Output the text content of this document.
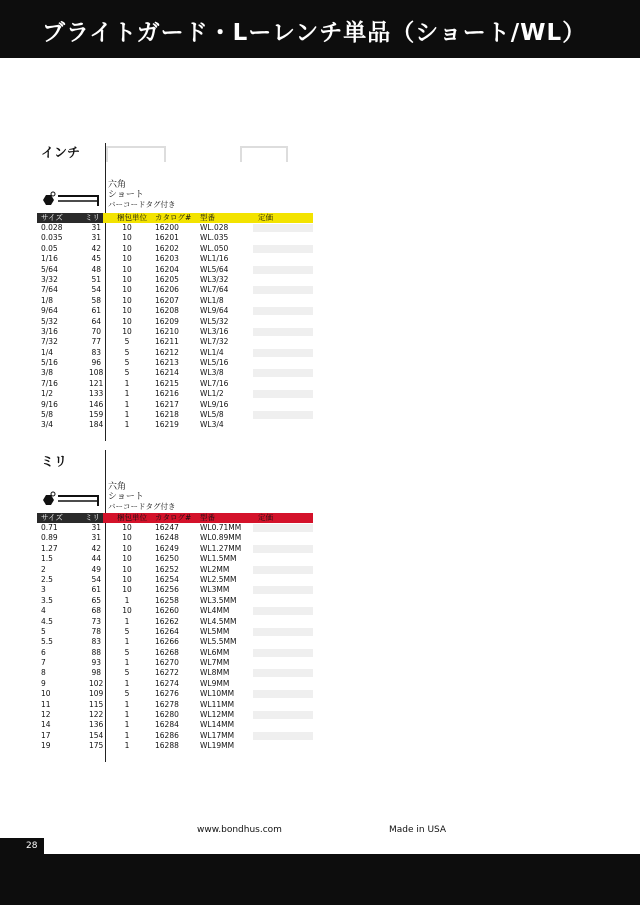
ブライトガード・Lーレンチ単品（ショート/WL）
インチ
六角
ショート
バーコードタグ付き
サイズ	ミリ 梱包単位 カタログ# 型番	定価
0.028	31	10	16200	WL.028
0.035	31	10	16201	WL.035
0.05	42	10	16202	WL.050
1/16	45	10	16203	WL1/16
5/64	48	10	16204	WL5/64
3/32	51	10	16205	WL3/32
7/64	54	10	16206	WL7/64
1/8	58	10	16207	WL1/8
9/64	61	10	16208	WL9/64
5/32	64	10	16209	WL5/32
3/16	70	10	16210	WL3/16
7/32	77	5	16211	WL7/32
1/4	83	5	16212	WL1/4
5/16	96	5	16213	WL5/16
3/8	108	5	16214	WL3/8
7/16	121	1	16215	WL7/16
1/2	133	1	16216	WL1/2
9/16	146	1	16217	WL9/16
5/8	159	1	16218	WL5/8
3/4	184	1	16219	WL3/4
ミリ
六角
ショート
バーコードタグ付き
サイズ	ミリ 梱包単位 カタログ# 型番	定価
0.71	31	10	16247	WL0.71MM
0.89	31	10	16248	WL0.89MM
1.27	42	10	16249	WL1.27MM
1.5	44	10	16250	WL1.5MM
2	49	10	16252	WL2MM
2.5	54	10	16254	WL2.5MM
3	61	10	16256	WL3MM
3.5	65	1	16258	WL3.5MM
4	68	10	16260	WL4MM
4.5	73	1	16262	WL4.5MM
5	78	5	16264	WL5MM
5.5	83	1	16266	WL5.5MM
6	88	5	16268	WL6MM
7	93	1	16270	WL7MM
8	98	5	16272	WL8MM
9	102	1	16274	WL9MM
10	109	5	16276	WL10MM
11	115	1	16278	WL11MM
12	122	1	16280	WL12MM
14	136	1	16284	WL14MM
17	154	1	16286	WL17MM
19	175	1	16288	WL19MM
www.bondhus.com	Made in USA
28
